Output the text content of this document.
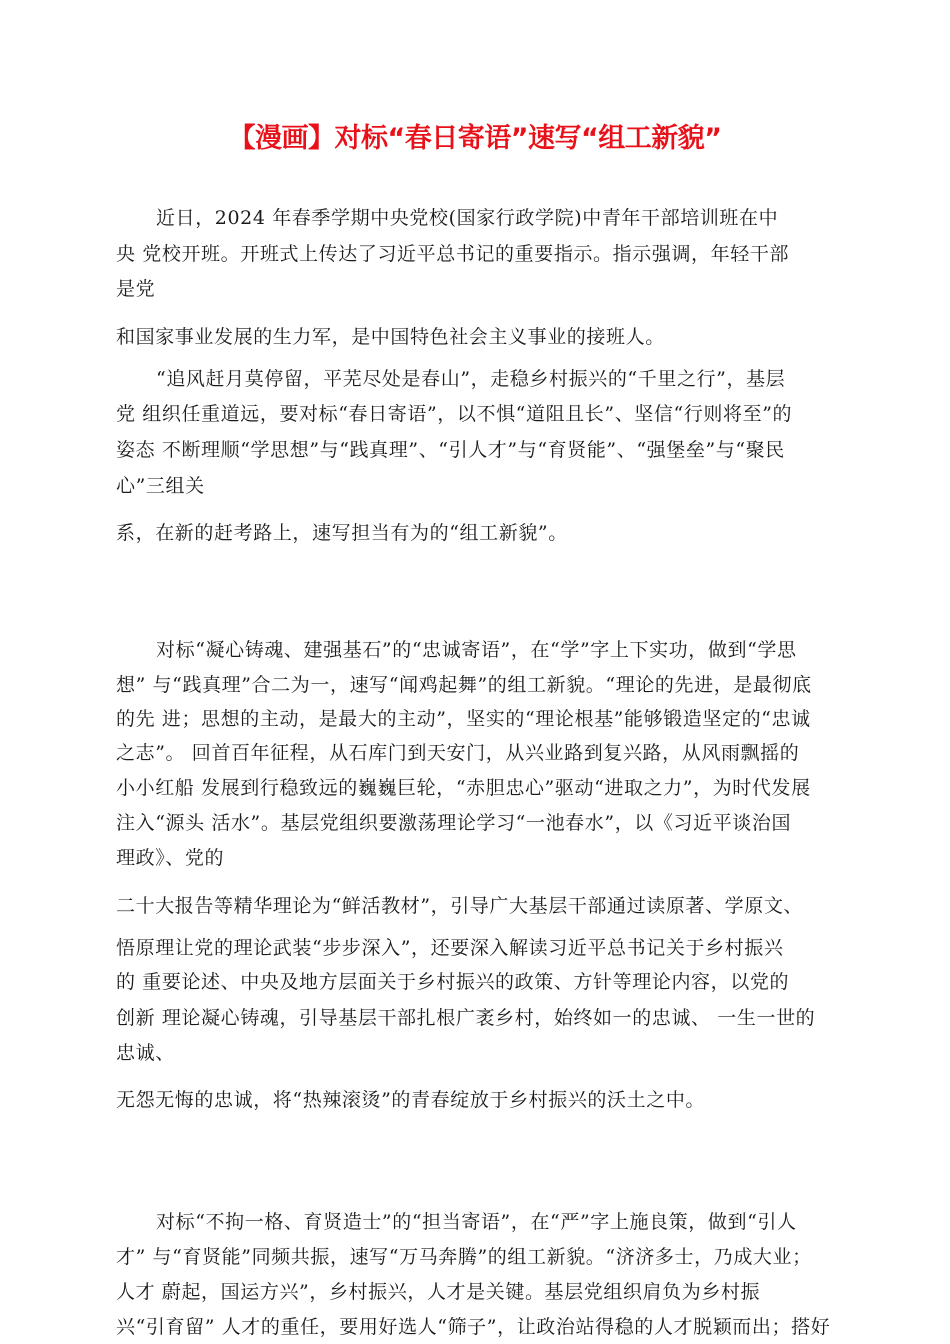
【漫画】对标“春日寄语”速写“组工新貌”
近日，2024 年春季学期中央党校(国家行政学院)中青年干部培训班在中
央 党校开班。开班式上传达了习近平总书记的重要指示。指示强调，年轻干部
是党
和国家事业发展的生力军，是中国特色社会主义事业的接班人。
“追风赶月莫停留，平芜尽处是春山”，走稳乡村振兴的“千里之行”，基层
党 组织任重道远，要对标“春日寄语”，以不惧“道阻且长”、坚信“行则将至”的
姿态 不断理顺“学思想”与“践真理”、“引人才”与“育贤能”、“强堡垒”与“聚民
心”三组关
系，在新的赶考路上，速写担当有为的“组工新貌”。
对标“凝心铸魂、建强基石”的“忠诚寄语”，在“学”字上下实功，做到“学思
想” 与“践真理”合二为一，速写“闻鸡起舞”的组工新貌。“理论的先进，是最彻底
的先 进；思想的主动，是最大的主动”，坚实的“理论根基”能够锻造坚定的“忠诚
之志”。 回首百年征程，从石库门到天安门，从兴业路到复兴路，从风雨飘摇的
小小红船 发展到行稳致远的巍巍巨轮，“赤胆忠心”驱动“进取之力”，为时代发展
注入“源头 活水”。基层党组织要激荡理论学习“一池春水”，以《习近平谈治国
理政》、党的
二十大报告等精华理论为“鲜活教材”，引导广大基层干部通过读原著、学原文、
悟原理让党的理论武装“步步深入”，还要深入解读习近平总书记关于乡村振兴
的 重要论述、中央及地方层面关于乡村振兴的政策、方针等理论内容，以党的
创新 理论凝心铸魂，引导基层干部扎根广袤乡村，始终如一的忠诚、 一生一世的
忠诚、
无怨无悔的忠诚，将“热辣滚烫”的青春绽放于乡村振兴的沃土之中。
对标“不拘一格、育贤造士”的“担当寄语”，在“严”字上施良策，做到“引人
才” 与“育贤能”同频共振，速写“万马奔腾”的组工新貌。“济济多士，乃成大业；
人才 蔚起，国运方兴”，乡村振兴，人才是关键。基层党组织肩负为乡村振
兴“引育留” 人才的重任，要用好选人“筛子”，让政治站得稳的人才脱颖而出；搭好
